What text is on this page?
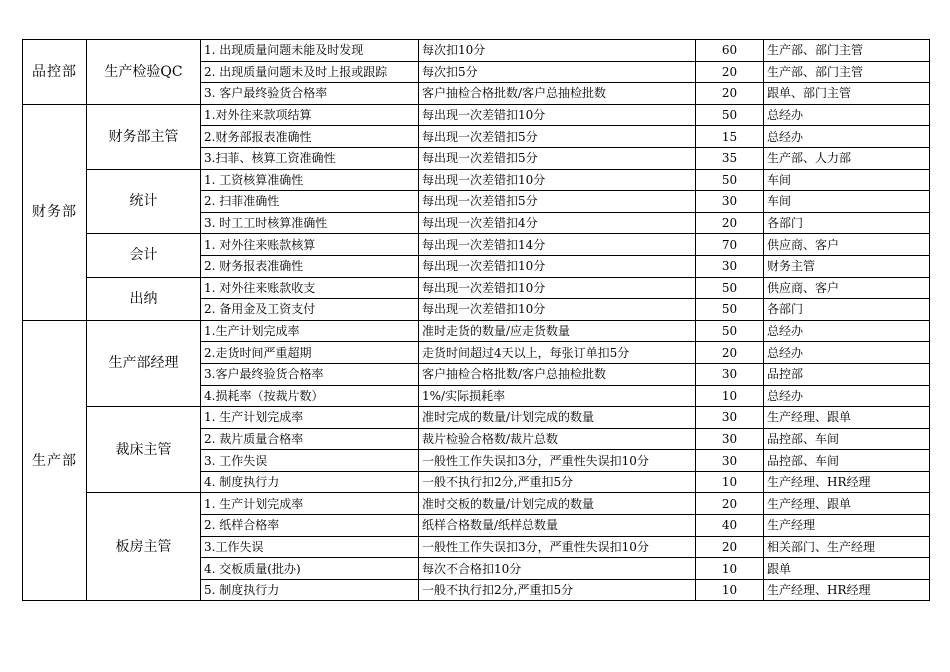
品控部	生产检验QC	1. 出现质量问题未能及时发现	每次扣10分	60	生产部、部门主管
		2. 出现质量问题未及时上报或跟踪	每次扣5分	20	生产部、部门主管
		3. 客户最终验货合格率	客户抽检合格批数/客户总抽检批数	20	跟单、部门主管
财务部	财务部主管	1.对外往来款项结算	每出现一次差错扣10分	50	总经办
		2.财务部报表准确性	每出现一次差错扣5分	15	总经办
		3.扫菲、核算工资准确性	每出现一次差错扣5分	35	生产部、人力部
	统计	1. 工资核算准确性	每出现一次差错扣10分	50	车间
		2. 扫菲准确性	每出现一次差错扣5分	30	车间
		3. 时工工时核算准确性	每出现一次差错扣4分	20	各部门
	会计	1. 对外往来账款核算	每出现一次差错扣14分	70	供应商、客户
		2. 财务报表准确性	每出现一次差错扣10分	30	财务主管
	出纳	1. 对外往来账款收支	每出现一次差错扣10分	50	供应商、客户
		2. 备用金及工资支付	每出现一次差错扣10分	50	各部门
生产部	生产部经理	1.生产计划完成率	准时走货的数量/应走货数量	50	总经办
		2.走货时间严重超期	走货时间超过4天以上，每张订单扣5分	20	总经办
		3.客户最终验货合格率	客户抽检合格批数/客户总抽检批数	30	品控部
		4.损耗率（按裁片数）	1%/实际损耗率	10	总经办
	裁床主管	1. 生产计划完成率	准时完成的数量/计划完成的数量	30	生产经理、跟单
		2. 裁片质量合格率	裁片检验合格数/裁片总数	30	品控部、车间
		3. 工作失误	一般性工作失误扣3分，严重性失误扣10分	30	品控部、车间
		4. 制度执行力	一般不执行扣2分,严重扣5分	10	生产经理、HR经理
	板房主管	1. 生产计划完成率	准时交板的数量/计划完成的数量	20	生产经理、跟单
		2. 纸样合格率	纸样合格数量/纸样总数量	40	生产经理
		3.工作失误	一般性工作失误扣3分，严重性失误扣10分	20	相关部门、生产经理
		4. 交板质量(批办)	每次不合格扣10分	10	跟单
		5. 制度执行力	一般不执行扣2分,严重扣5分	10	生产经理、HR经理
